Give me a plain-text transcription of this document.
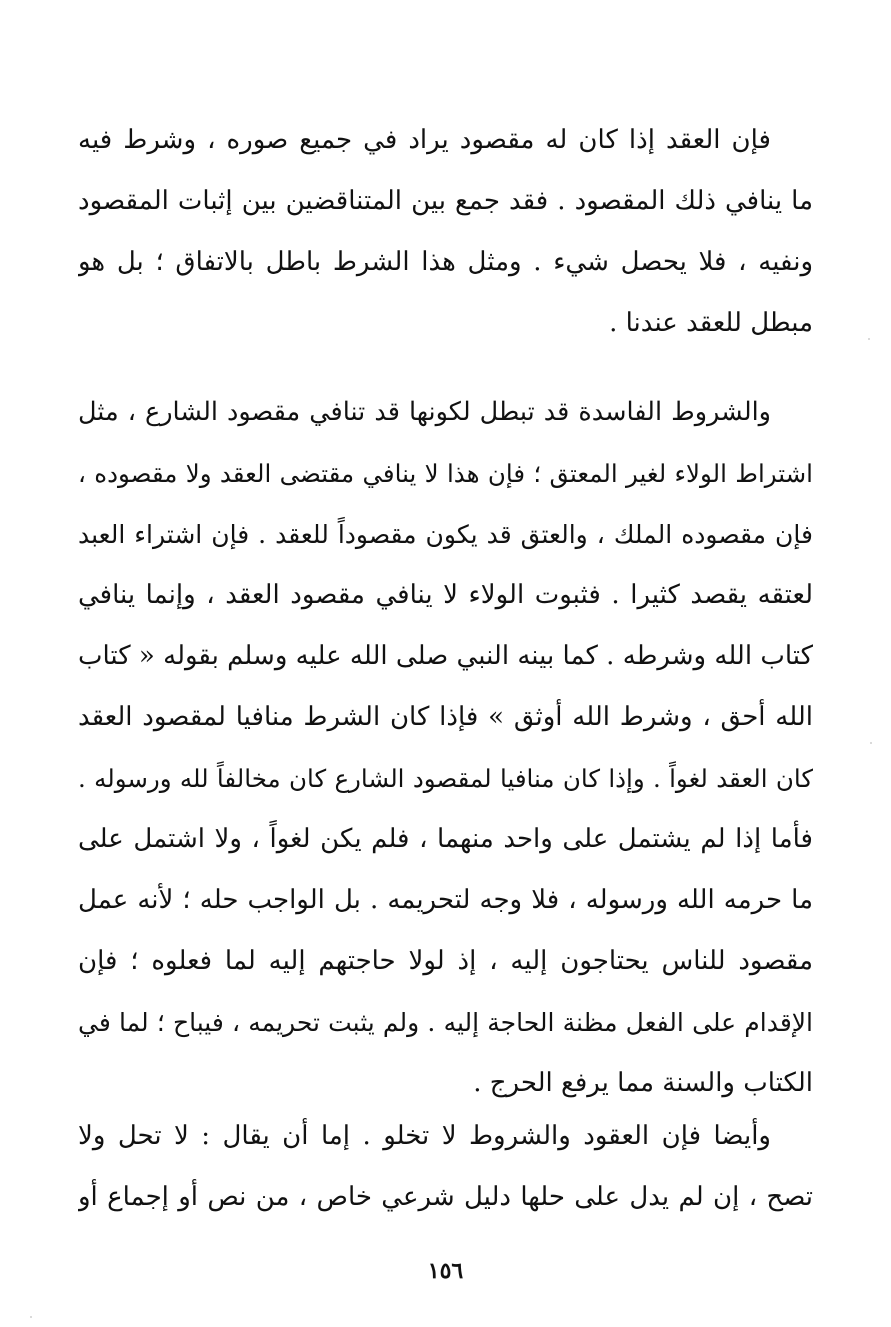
فإن العقد إذا كان له مقصود يراد في جميع صوره ، وشرط فيه
ما ينافي ذلك المقصود . فقد جمع بين المتناقضين بين إثبات المقصود
ونفيه ، فلا يحصل شيء . ومثل هذا الشرط باطل بالاتفاق ؛ بل هو
مبطل للعقد عندنا .
والشروط الفاسدة قد تبطل لكونها قد تنافي مقصود الشارع ، مثل
اشتراط الولاء لغير المعتق ؛ فإن هذا لا ينافي مقتضى العقد ولا مقصوده ،
فإن مقصوده الملك ، والعتق قد يكون مقصوداً للعقد . فإن اشتراء العبد
لعتقه يقصد كثيرا . فثبوت الولاء لا ينافي مقصود العقد ، وإنما ينافي
كتاب الله وشرطه . كما بينه النبي صلى الله عليه وسلم بقوله « كتاب
الله أحق ، وشرط الله أوثق » فإذا كان الشرط منافيا لمقصود العقد
كان العقد لغواً . وإذا كان منافيا لمقصود الشارع كان مخالفاً لله ورسوله .
فأما إذا لم يشتمل على واحد منهما ، فلم يكن لغواً ، ولا اشتمل على
ما حرمه الله ورسوله ، فلا وجه لتحريمه . بل الواجب حله ؛ لأنه عمل
مقصود للناس يحتاجون إليه ، إذ لولا حاجتهم إليه لما فعلوه ؛ فإن
الإقدام على الفعل مظنة الحاجة إليه . ولم يثبت تحريمه ، فيباح ؛ لما في
الكتاب والسنة مما يرفع الحرج .
وأيضا فإن العقود والشروط لا تخلو . إما أن يقال : لا تحل ولا
تصح ، إن لم يدل على حلها دليل شرعي خاص ، من نص أو إجماع أو
١٥٦
